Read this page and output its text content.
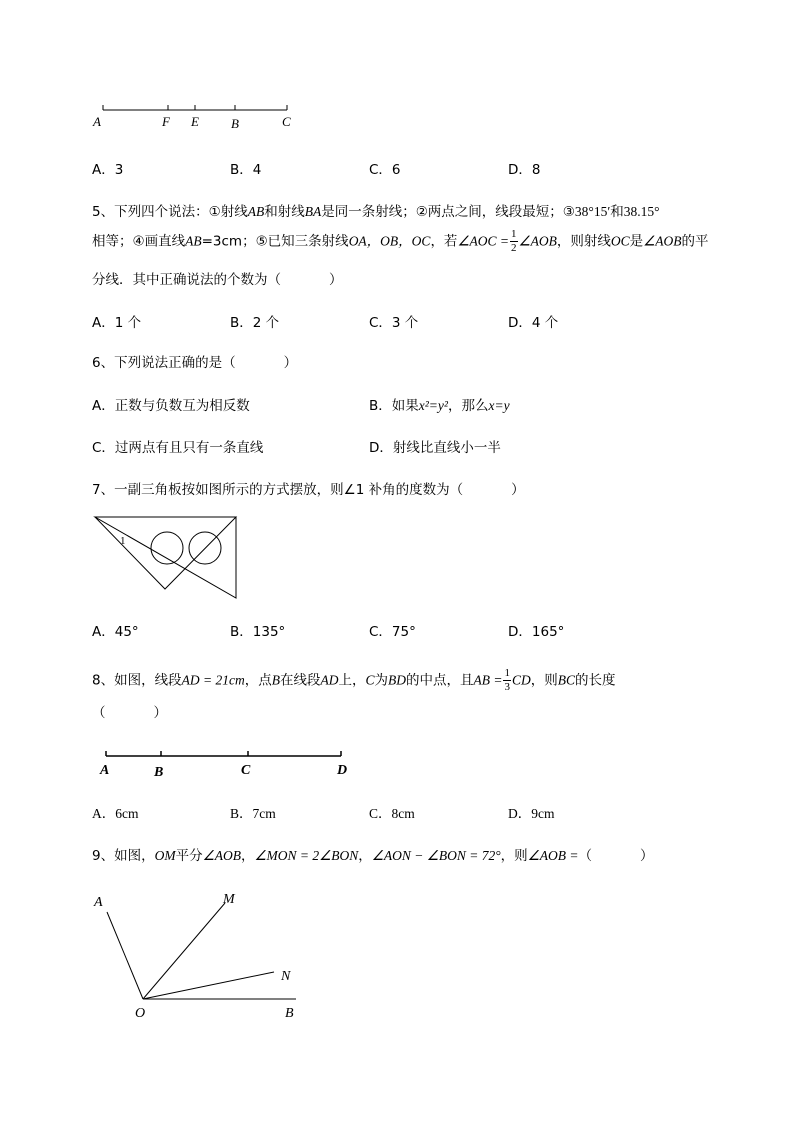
A	F E B	C
A．3	B．4	C．6	D．8
5、下列四个说法：①射线AB和射线BA是同一条射线；②两点之间，线段最短；③38°15′和38.15°
相等；④画直线AB=3cm；⑤已知三条射线OA，OB，OC，若∠AOC = $\frac{1}{2}$ ∠AOB，则射线OC是∠AOB的平
分线．其中正确说法的个数为（	）
A．1 个	B．2 个	C．3 个	D．4 个
6、下列说法正确的是（	）
A．正数与负数互为相反数	B．如果x²=y²，那么x=y
C．过两点有且只有一条直线	D．射线比直线小一半
7、一副三角板按如图所示的方式摆放，则∠1 补角的度数为（	）
1
A．45°	B．135°	C．75°	D．165°
8、如图，线段AD = 21cm，点B在线段AD上，C为BD的中点，且AB = $\frac{1}{3}$ CD，则BC的长度
（	）
A	B	C	D
A．6cm	B．7cm	C．8cm	D．9cm
9、如图，OM平分∠AOB，∠MON = 2∠BON，∠AON − ∠BON = 72°，则∠AOB =（	）
A	M
N
O	B
